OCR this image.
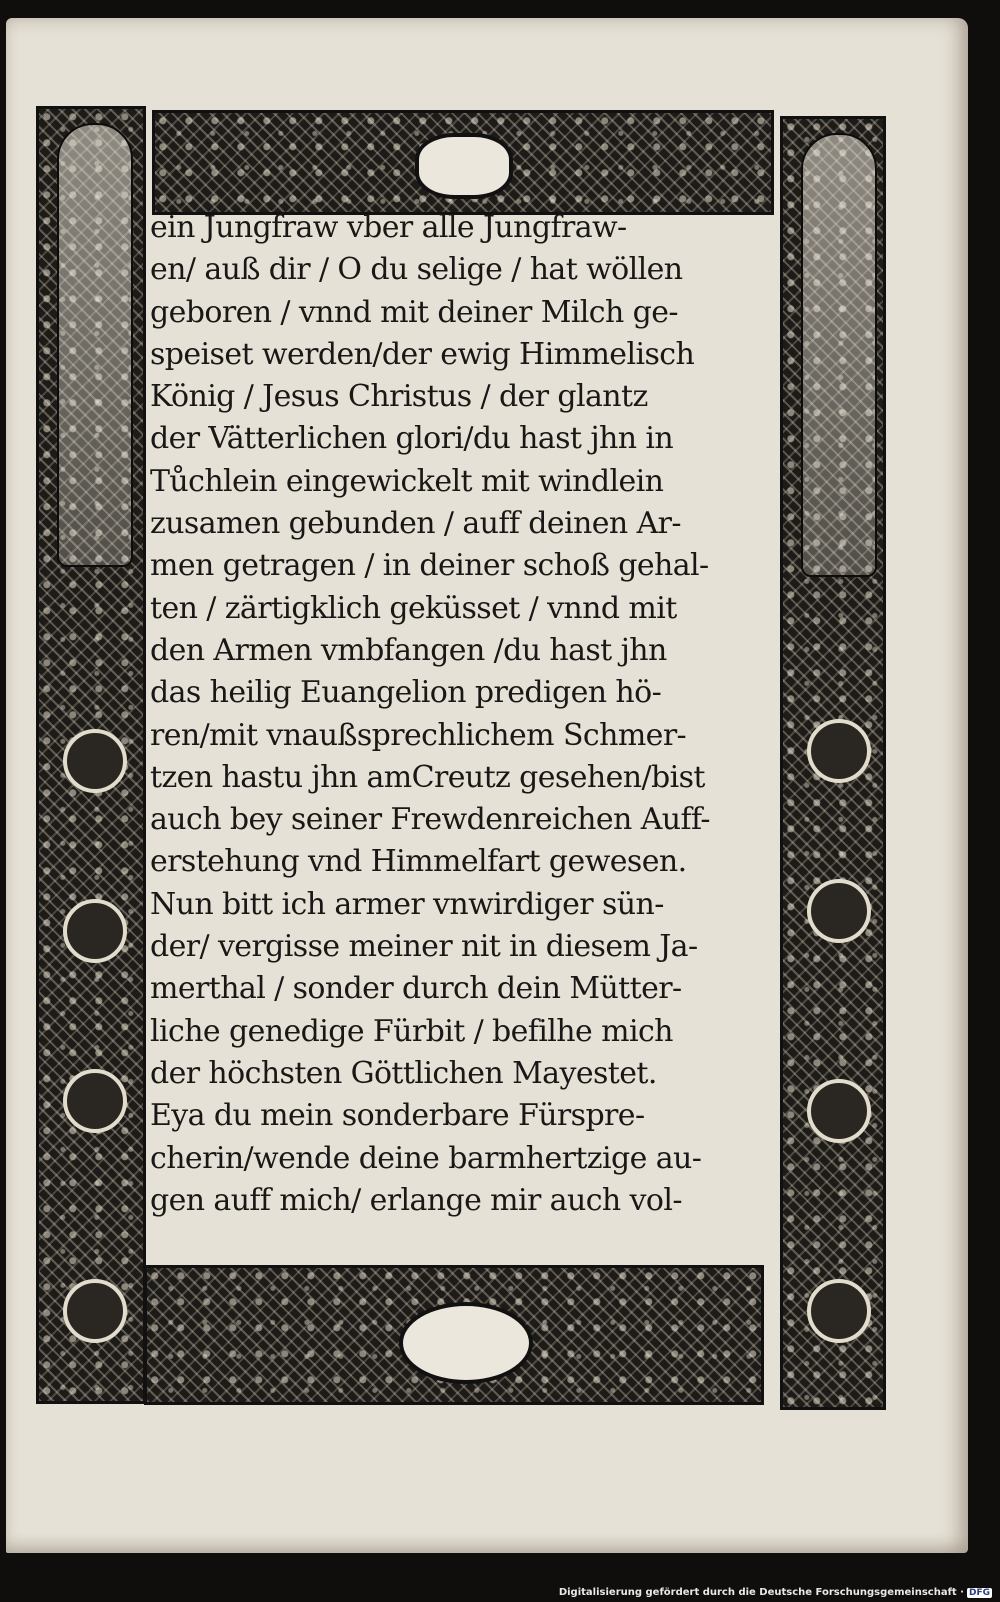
ein Jungfraw vber alle Jungfraw-
en/ auß dir / O du selige / hat wöllen
geboren / vnnd mit deiner Milch ge-
speiset werden/der ewig Himmelisch
König / Jesus Christus / der glantz
der Vätterlichen glori/du hast jhn in
Tůchlein eingewickelt mit windlein
zusamen gebunden / auff deinen Ar-
men getragen / in deiner schoß gehal-
ten / zärtigklich geküsset / vnnd mit
den Armen vmbfangen /du hast jhn
das heilig Euangelion predigen hö-
ren/mit vnaußsprechlichem Schmer-
tzen hastu jhn amCreutz gesehen/bist
auch bey seiner Frewdenreichen Auff-
erstehung vnd Himmelfart gewesen.
Nun bitt ich armer vnwirdiger sün-
der/ vergisse meiner nit in diesem Ja-
merthal / sonder durch dein Mütter-
liche genedige Fürbit / befilhe mich
der höchsten Göttlichen Mayestet.
Eya du mein sonderbare Fürspre-
cherin/wende deine barmhertzige au-
gen auff mich/ erlange mir auch vol-
Digitalisierung gefördert durch die Deutsche Forschungsgemeinschaft · DFG
